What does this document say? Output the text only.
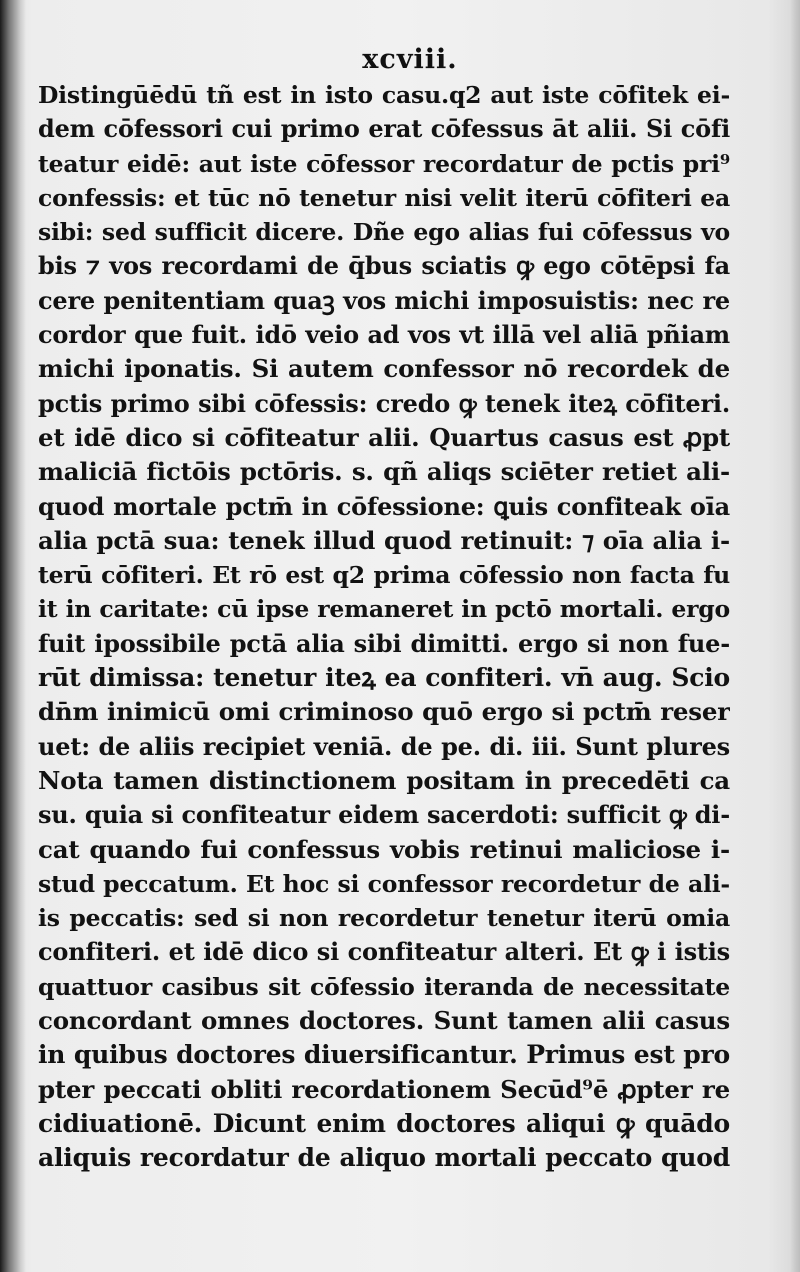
xcviii.
Distingūēdū tñ est in isto casu.q2 aut iste cōfitek ei-
dem cōfessori cui primo erat cōfessus āt alii. Si cōfi
teatur eidē: aut iste cōfessor recordatur de pctis pri⁹
confessis: et tūc nō tenetur nisi velit iterū cōfiteri ea
sibi: sed sufficit dicere. Dñe ego alias fui cōfessus vo
bis ⁊ vos recordami de q̄bus sciatis ꝙ ego cōtēpsi fa
cere penitentiam quaꝫ vos michi imposuistis: nec re
cordor que fuit. idō veio ad vos vt illā vel aliā pñiam
michi iponatis. Si autem confessor nō recordek de
pctis primo sibi cōfessis: credo ꝙ tenek iteꝝ cōfiteri.
et idē dico si cōfiteatur alii. Quartus casus est ꝓpt
maliciā fictōis pctōris. s. qñ aliqs sciēter retiet ali-
quod mortale pctm̄ in cōfessione: ꝗuis confiteak oīa
alia pctā sua: tenek illud quod retinuit: ⁊ oīa alia i-
terū cōfiteri. Et rō est q2 prima cōfessio non facta fu
it in caritate: cū ipse remaneret in pctō mortali. ergo
fuit ipossibile pctā alia sibi dimitti. ergo si non fue-
rūt dimissa: tenetur iteꝝ ea confiteri. vn̄ aug. Scio
dn̄m inimicū omi criminoso quō ergo si pctm̄ reser
uet: de aliis recipiet veniā. de pe. di. iii. Sunt plures
Nota tamen distinctionem positam in precedēti ca
su. quia si confiteatur eidem sacerdoti: sufficit ꝙ di-
cat quando fui confessus vobis retinui maliciose i-
stud peccatum. Et hoc si confessor recordetur de ali-
is peccatis: sed si non recordetur tenetur iterū omia
confiteri. et idē dico si confiteatur alteri. Et ꝙ i istis
quattuor casibus sit cōfessio iteranda de necessitate
concordant omnes doctores. Sunt tamen alii casus
in quibus doctores diuersificantur. Primus est pro
pter peccati obliti recordationem Secūd⁹ē ꝓpter re
cidiuationē. Dicunt enim doctores aliqui ꝙ quādo
aliquis recordatur de aliquo mortali peccato quod
